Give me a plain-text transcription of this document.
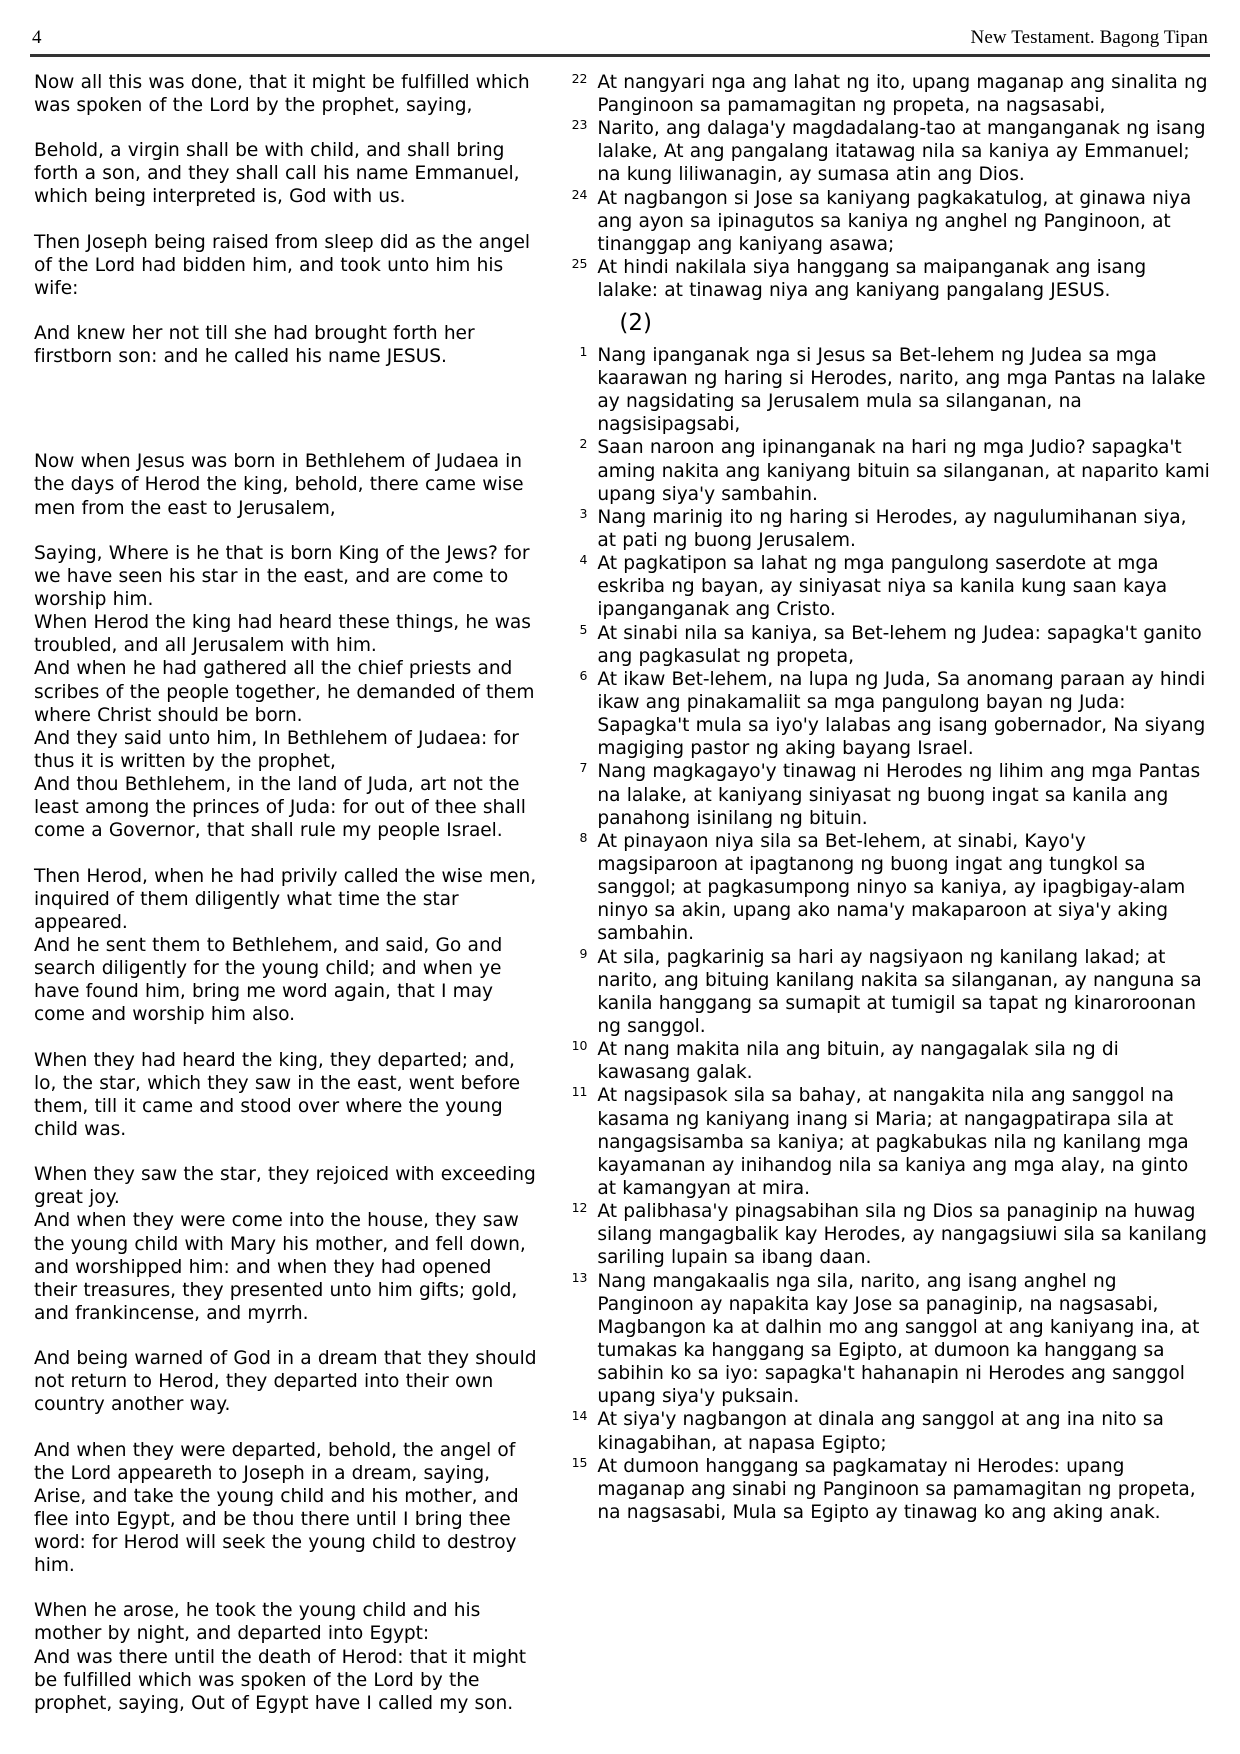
4	New Testament. Bagong Tipan

Now all this was done, that it might be fulfilled which was spoken of the Lord by the prophet, saying,

Behold, a virgin shall be with child, and shall bring forth a son, and they shall call his name Emmanuel, which being interpreted is, God with us.

Then Joseph being raised from sleep did as the angel of the Lord had bidden him, and took unto him his wife:

And knew her not till she had brought forth her firstborn son: and he called his name JESUS.

Now when Jesus was born in Bethlehem of Judaea in the days of Herod the king, behold, there came wise men from the east to Jerusalem,

Saying, Where is he that is born King of the Jews? for we have seen his star in the east, and are come to worship him.

When Herod the king had heard these things, he was troubled, and all Jerusalem with him.

And when he had gathered all the chief priests and scribes of the people together, he demanded of them where Christ should be born.

And they said unto him, In Bethlehem of Judaea: for thus it is written by the prophet,

And thou Bethlehem, in the land of Juda, art not the least among the princes of Juda: for out of thee shall come a Governor, that shall rule my people Israel.

Then Herod, when he had privily called the wise men, inquired of them diligently what time the star appeared.

And he sent them to Bethlehem, and said, Go and search diligently for the young child; and when ye have found him, bring me word again, that I may come and worship him also.

When they had heard the king, they departed; and, lo, the star, which they saw in the east, went before them, till it came and stood over where the young child was.

When they saw the star, they rejoiced with exceeding great joy.

And when they were come into the house, they saw the young child with Mary his mother, and fell down, and worshipped him: and when they had opened their treasures, they presented unto him gifts; gold, and frankincense, and myrrh.

And being warned of God in a dream that they should not return to Herod, they departed into their own country another way.

And when they were departed, behold, the angel of the Lord appeareth to Joseph in a dream, saying, Arise, and take the young child and his mother, and flee into Egypt, and be thou there until I bring thee word: for Herod will seek the young child to destroy him.

When he arose, he took the young child and his mother by night, and departed into Egypt:

And was there until the death of Herod: that it might be fulfilled which was spoken of the Lord by the prophet, saying, Out of Egypt have I called my son.

22 At nangyari nga ang lahat ng ito, upang maganap ang sinalita ng Panginoon sa pamamagitan ng propeta, na nagsasabi,
23 Narito, ang dalaga'y magdadalang-tao at manganganak ng isang lalake, At ang pangalang itatawag nila sa kaniya ay Emmanuel; na kung liliwanagin, ay sumasa atin ang Dios.
24 At nagbangon si Jose sa kaniyang pagkakatulog, at ginawa niya ang ayon sa ipinagutos sa kaniya ng anghel ng Panginoon, at tinanggap ang kaniyang asawa;
25 At hindi nakilala siya hanggang sa maipanganak ang isang lalake: at tinawag niya ang kaniyang pangalang JESUS.
(2)
1 Nang ipanganak nga si Jesus sa Bet-lehem ng Judea sa mga kaarawan ng haring si Herodes, narito, ang mga Pantas na lalake ay nagsidating sa Jerusalem mula sa silanganan, na nagsisipagsabi,
2 Saan naroon ang ipinanganak na hari ng mga Judio? sapagka't aming nakita ang kaniyang bituin sa silanganan, at naparito kami upang siya'y sambahin.
3 Nang marinig ito ng haring si Herodes, ay nagulumihanan siya, at pati ng buong Jerusalem.
4 At pagkatipon sa lahat ng mga pangulong saserdote at mga eskriba ng bayan, ay siniyasat niya sa kanila kung saan kaya ipanganganak ang Cristo.
5 At sinabi nila sa kaniya, sa Bet-lehem ng Judea: sapagka't ganito ang pagkasulat ng propeta,
6 At ikaw Bet-lehem, na lupa ng Juda, Sa anomang paraan ay hindi ikaw ang pinakamaliit sa mga pangulong bayan ng Juda: Sapagka't mula sa iyo'y lalabas ang isang gobernador, Na siyang magiging pastor ng aking bayang Israel.
7 Nang magkagayo'y tinawag ni Herodes ng lihim ang mga Pantas na lalake, at kaniyang siniyasat ng buong ingat sa kanila ang panahong isinilang ng bituin.
8 At pinayaon niya sila sa Bet-lehem, at sinabi, Kayo'y magsiparoon at ipagtanong ng buong ingat ang tungkol sa sanggol; at pagkasumpong ninyo sa kaniya, ay ipagbigay-alam ninyo sa akin, upang ako nama'y makaparoon at siya'y aking sambahin.
9 At sila, pagkarinig sa hari ay nagsiyaon ng kanilang lakad; at narito, ang bituing kanilang nakita sa silanganan, ay nanguna sa kanila hanggang sa sumapit at tumigil sa tapat ng kinaroroonan ng sanggol.
10 At nang makita nila ang bituin, ay nangagalak sila ng di kawasang galak.
11 At nagsipasok sila sa bahay, at nangakita nila ang sanggol na kasama ng kaniyang inang si Maria; at nangagpatirapa sila at nangagsisamba sa kaniya; at pagkabukas nila ng kanilang mga kayamanan ay inihandog nila sa kaniya ang mga alay, na ginto at kamangyan at mira.
12 At palibhasa'y pinagsabihan sila ng Dios sa panaginip na huwag silang mangagbalik kay Herodes, ay nangagsiuwi sila sa kanilang sariling lupain sa ibang daan.
13 Nang mangakaalis nga sila, narito, ang isang anghel ng Panginoon ay napakita kay Jose sa panaginip, na nagsasabi, Magbangon ka at dalhin mo ang sanggol at ang kaniyang ina, at tumakas ka hanggang sa Egipto, at dumoon ka hanggang sa sabihin ko sa iyo: sapagka't hahanapin ni Herodes ang sanggol upang siya'y puksain.
14 At siya'y nagbangon at dinala ang sanggol at ang ina nito sa kinagabihan, at napasa Egipto;
15 At dumoon hanggang sa pagkamatay ni Herodes: upang maganap ang sinabi ng Panginoon sa pamamagitan ng propeta, na nagsasabi, Mula sa Egipto ay tinawag ko ang aking anak.
